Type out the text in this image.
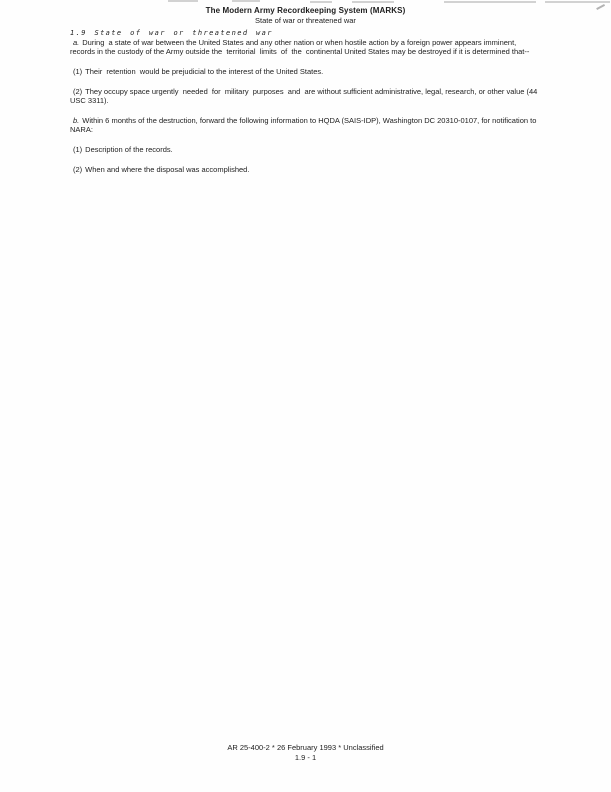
The Modern Army Recordkeeping System (MARKS)
State of war or threatened war
1.9 State of war or threatened war

a. During  a state of war between the United States and any other nation or when hostile action by a foreign power appears imminent, records in the custody of the Army outside the  territorial  limits  of  the  continental United States may be destroyed if it is determined that--

(1) Their  retention  would be prejudicial to the interest of the United States.

(2) They occupy space urgently  needed  for  military  purposes  and  are without sufficient administrative, legal, research, or other value (44 USC 3311).

b. Within 6 months of the destruction, forward the following information to HQDA (SAIS-IDP), Washington DC 20310-0107, for notification to NARA:

(1) Description of the records.

(2) When and where the disposal was accomplished.

AR 25-400-2 * 26 February 1993 * Unclassified
1.9 - 1
